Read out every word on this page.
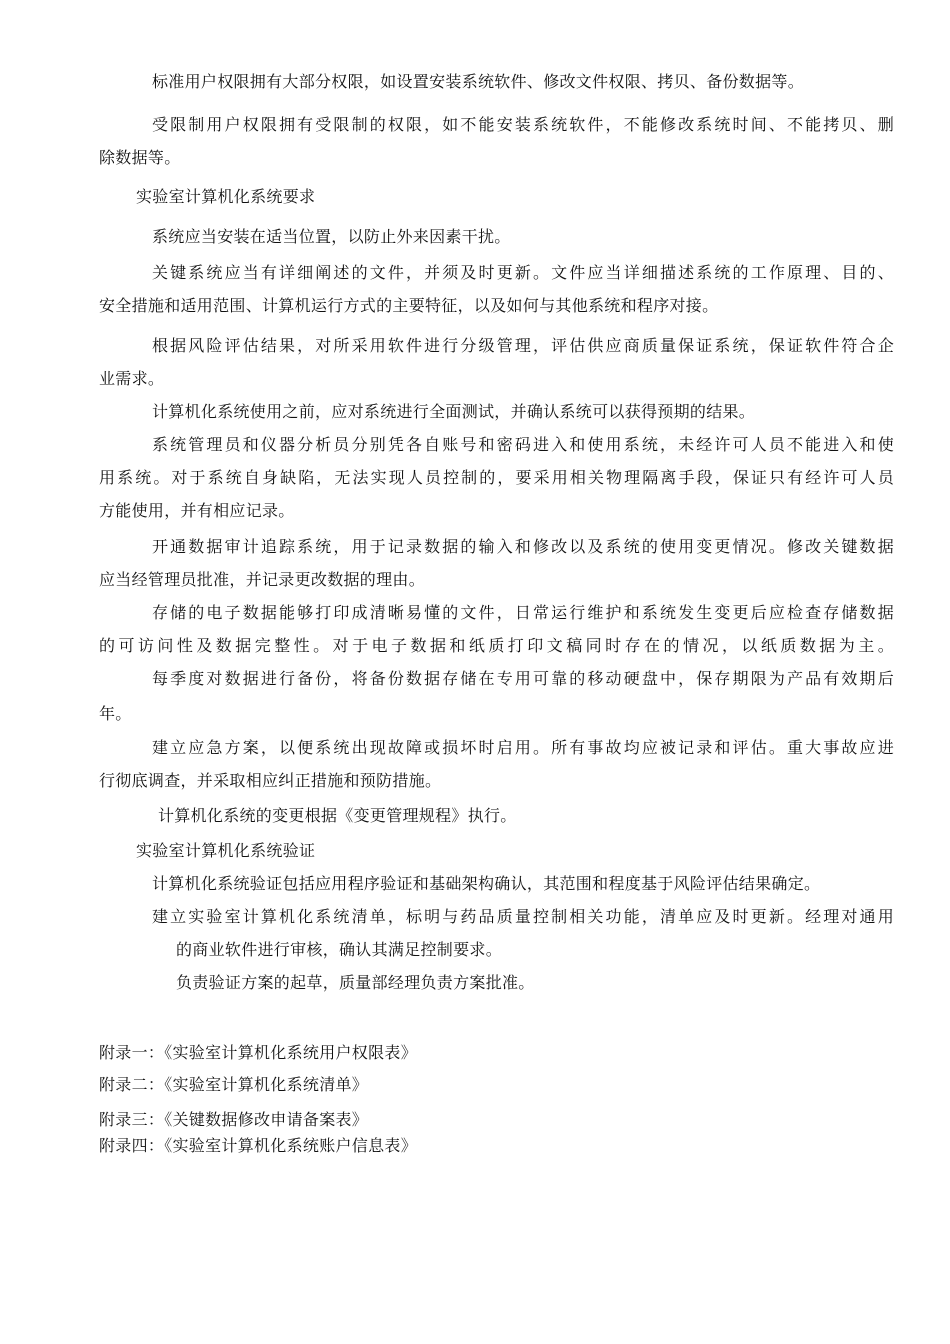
标准用户权限拥有大部分权限，如设置安装系统软件、修改文件权限、拷贝、备份数据等。
受限制用户权限拥有受限制的权限，如不能安装系统软件，不能修改系统时间、不能拷贝、删
除数据等。
实验室计算机化系统要求
系统应当安装在适当位置，以防止外来因素干扰。
关键系统应当有详细阐述的文件，并须及时更新。文件应当详细描述系统的工作原理、目的、
安全措施和适用范围、计算机运行方式的主要特征，以及如何与其他系统和程序对接。
根据风险评估结果，对所采用软件进行分级管理，评估供应商质量保证系统，保证软件符合企
业需求。
计算机化系统使用之前，应对系统进行全面测试，并确认系统可以获得预期的结果。
系统管理员和仪器分析员分别凭各自账号和密码进入和使用系统，未经许可人员不能进入和使
用系统。对于系统自身缺陷，无法实现人员控制的，要采用相关物理隔离手段，保证只有经许可人员
方能使用，并有相应记录。
开通数据审计追踪系统，用于记录数据的输入和修改以及系统的使用变更情况。修改关键数据
应当经管理员批准，并记录更改数据的理由。
存储的电子数据能够打印成清晰易懂的文件，日常运行维护和系统发生变更后应检查存储数据
的可访问性及数据完整性。对于电子数据和纸质打印文稿同时存在的情况，以纸质数据为主。
每季度对数据进行备份，将备份数据存储在专用可靠的移动硬盘中，保存期限为产品有效期后
年。
建立应急方案，以便系统出现故障或损坏时启用。所有事故均应被记录和评估。重大事故应进
行彻底调查，并采取相应纠正措施和预防措施。
计算机化系统的变更根据《变更管理规程》执行。
实验室计算机化系统验证
计算机化系统验证包括应用程序验证和基础架构确认，其范围和程度基于风险评估结果确定。
建立实验室计算机化系统清单，标明与药品质量控制相关功能，清单应及时更新。经理对通用
的商业软件进行审核，确认其满足控制要求。
负责验证方案的起草，质量部经理负责方案批准。
附录一：《实验室计算机化系统用户权限表》
附录二：《实验室计算机化系统清单》
附录三：《关键数据修改申请备案表》
附录四：《实验室计算机化系统账户信息表》
